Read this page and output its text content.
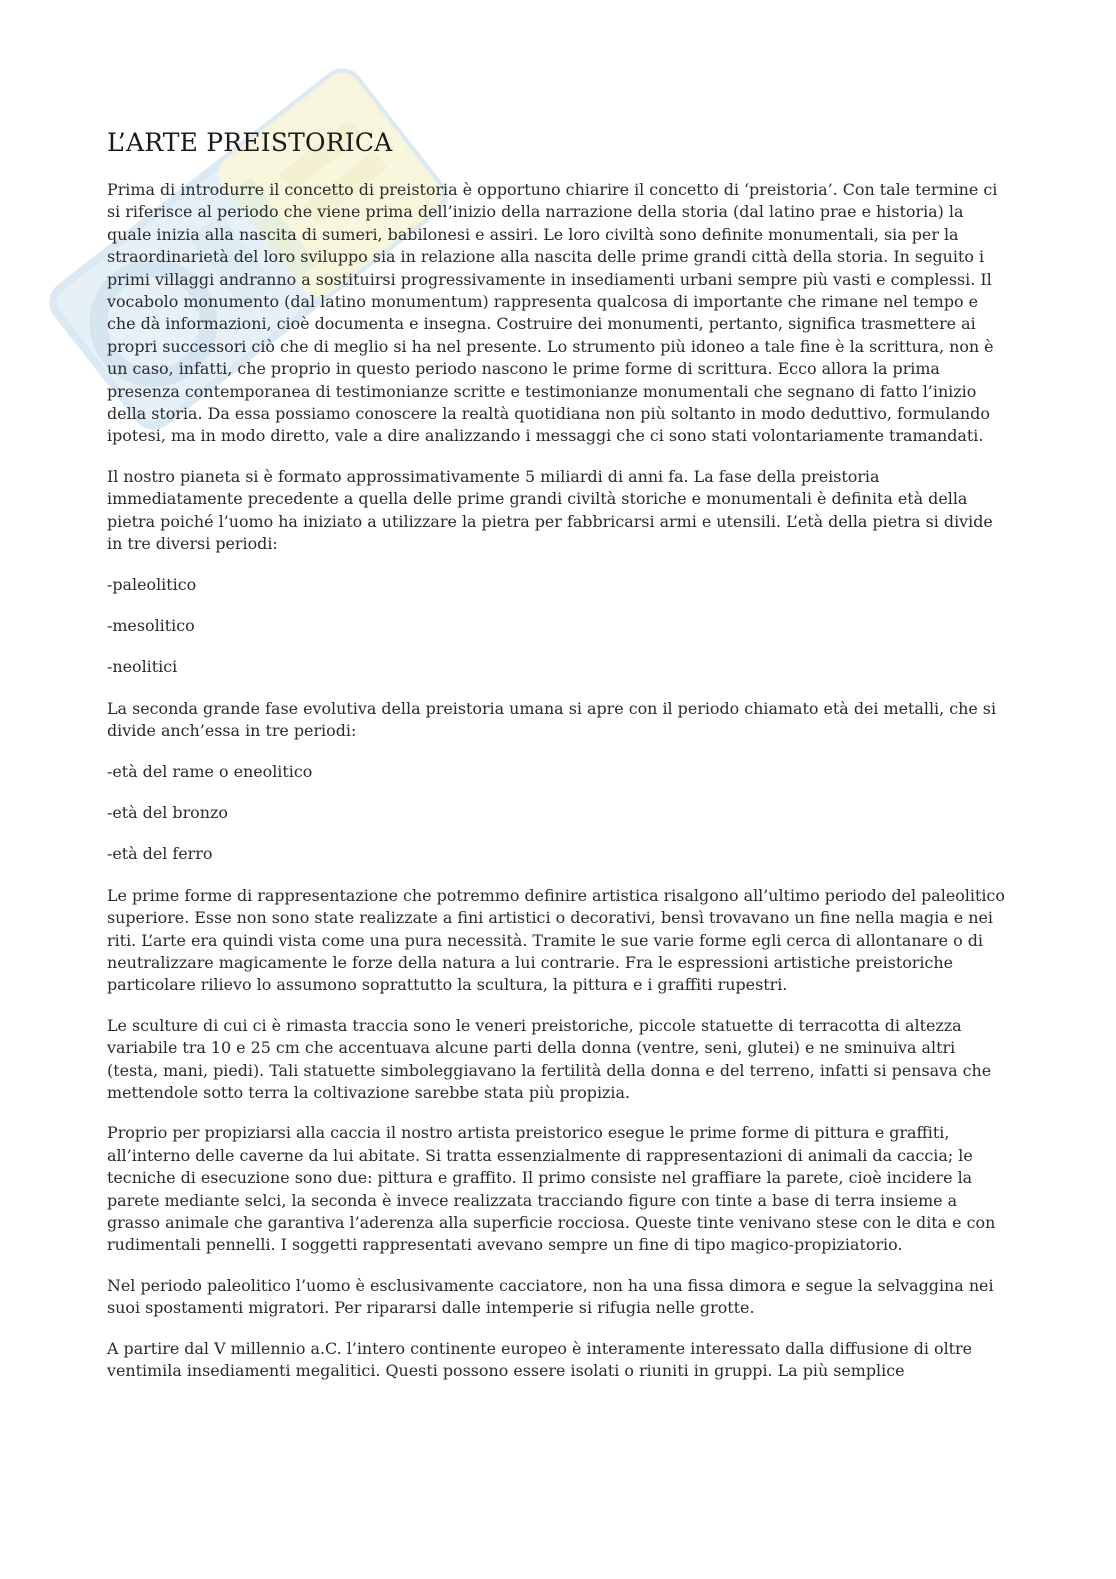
L’ARTE PREISTORICA

Prima di introdurre il concetto di preistoria è opportuno chiarire il concetto di ‘preistoria’. Con tale termine ci si riferisce al periodo che viene prima dell’inizio della narrazione della storia (dal latino prae e historia) la quale inizia alla nascita di sumeri, babilonesi e assiri. Le loro civiltà sono definite monumentali, sia per la straordinarietà del loro sviluppo sia in relazione alla nascita delle prime grandi città della storia. In seguito i primi villaggi andranno a sostituirsi progressivamente in insediamenti urbani sempre più vasti e complessi. Il vocabolo monumento (dal latino monumentum) rappresenta qualcosa di importante che rimane nel tempo e che dà informazioni, cioè documenta e insegna. Costruire dei monumenti, pertanto, significa trasmettere ai propri successori ciò che di meglio si ha nel presente. Lo strumento più idoneo a tale fine è la scrittura, non è un caso, infatti, che proprio in questo periodo nascono le prime forme di scrittura. Ecco allora la prima presenza contemporanea di testimonianze scritte e testimonianze monumentali che segnano di fatto l’inizio della storia. Da essa possiamo conoscere la realtà quotidiana non più soltanto in modo deduttivo, formulando ipotesi, ma in modo diretto, vale a dire analizzando i messaggi che ci sono stati volontariamente tramandati.

Il nostro pianeta si è formato approssimativamente 5 miliardi di anni fa. La fase della preistoria immediatamente precedente a quella delle prime grandi civiltà storiche e monumentali è definita età della pietra poiché l’uomo ha iniziato a utilizzare la pietra per fabbricarsi armi e utensili. L’età della pietra si divide in tre diversi periodi:

-paleolitico

-mesolitico

-neolitici

La seconda grande fase evolutiva della preistoria umana si apre con il periodo chiamato età dei metalli, che si divide anch’essa in tre periodi:

-età del rame o eneolitico

-età del bronzo

-età del ferro

Le prime forme di rappresentazione che potremmo definire artistica risalgono all’ultimo periodo del paleolitico superiore. Esse non sono state realizzate a fini artistici o decorativi, bensì trovavano un fine nella magia e nei riti. L’arte era quindi vista come una pura necessità. Tramite le sue varie forme egli cerca di allontanare o di neutralizzare magicamente le forze della natura a lui contrarie. Fra le espressioni artistiche preistoriche particolare rilievo lo assumono soprattutto la scultura, la pittura e i graffiti rupestri.

Le sculture di cui ci è rimasta traccia sono le veneri preistoriche, piccole statuette di terracotta di altezza variabile tra 10 e 25 cm che accentuava alcune parti della donna (ventre, seni, glutei) e ne sminuiva altri (testa, mani, piedi). Tali statuette simboleggiavano la fertilità della donna e del terreno, infatti si pensava che mettendole sotto terra la coltivazione sarebbe stata più propizia.

Proprio per propiziarsi alla caccia il nostro artista preistorico esegue le prime forme di pittura e graffiti, all’interno delle caverne da lui abitate. Si tratta essenzialmente di rappresentazioni di animali da caccia; le tecniche di esecuzione sono due: pittura e graffito. Il primo consiste nel graffiare la parete, cioè incidere la parete mediante selci, la seconda è invece realizzata tracciando figure con tinte a base di terra insieme a grasso animale che garantiva l’aderenza alla superficie rocciosa. Queste tinte venivano stese con le dita e con rudimentali pennelli. I soggetti rappresentati avevano sempre un fine di tipo magico-propiziatorio.

Nel periodo paleolitico l’uomo è esclusivamente cacciatore, non ha una fissa dimora e segue la selvaggina nei suoi spostamenti migratori. Per ripararsi dalle intemperie si rifugia nelle grotte.

A partire dal V millennio a.C. l’intero continente europeo è interamente interessato dalla diffusione di oltre ventimila insediamenti megalitici. Questi possono essere isolati o riuniti in gruppi. La più semplice
